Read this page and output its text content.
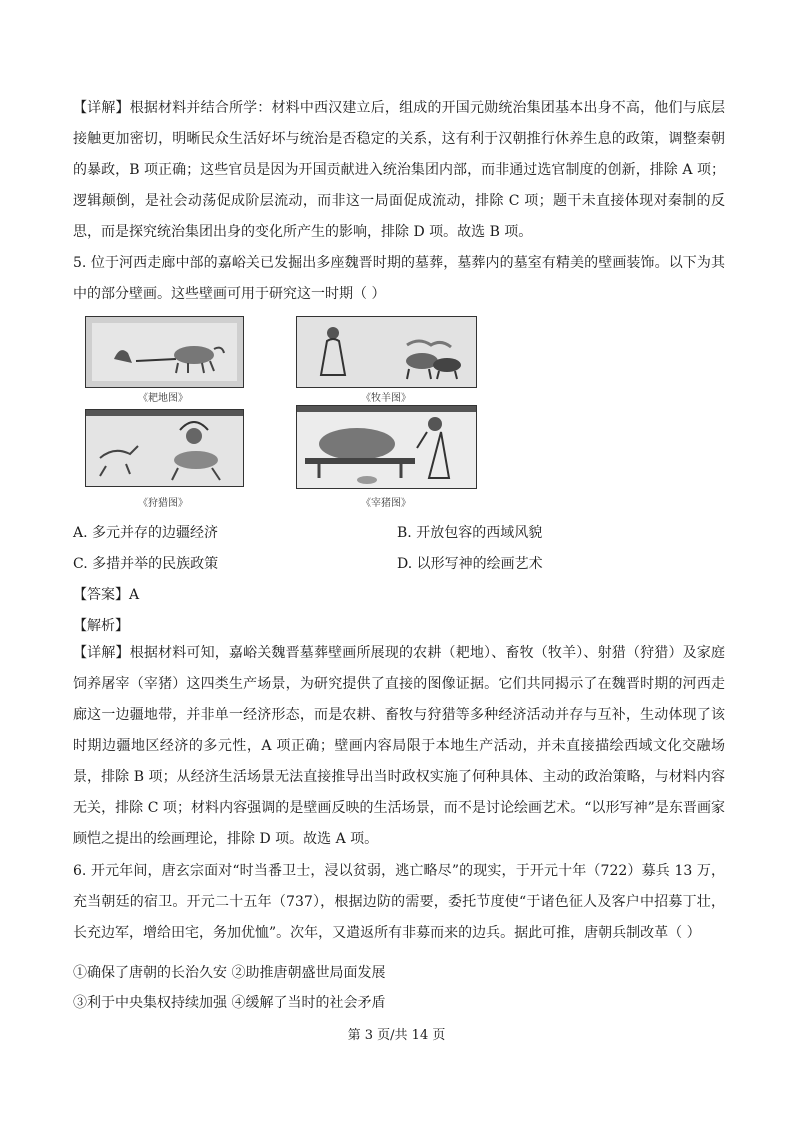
【详解】根据材料并结合所学：材料中西汉建立后，组成的开国元勋统治集团基本出身不高，他们与底层接触更加密切，明晰民众生活好坏与统治是否稳定的关系，这有利于汉朝推行休养生息的政策，调整秦朝的暴政，B 项正确；这些官员是因为开国贡献进入统治集团内部，而非通过选官制度的创新，排除 A 项；逻辑颠倒，是社会动荡促成阶层流动，而非这一局面促成流动，排除 C 项；题干未直接体现对秦制的反思，而是探究统治集团出身的变化所产生的影响，排除 D 项。故选 B 项。

5. 位于河西走廊中部的嘉峪关已发掘出多座魏晋时期的墓葬，墓葬内的墓室有精美的壁画装饰。以下为其中的部分壁画。这些壁画可用于研究这一时期（ ）

《耙地图》	《牧羊图》
《狩猎图》	《宰猪图》

A. 多元并存的边疆经济	B. 开放包容的西域风貌

C. 多措并举的民族政策	D. 以形写神的绘画艺术

【答案】A

【解析】

【详解】根据材料可知，嘉峪关魏晋墓葬壁画所展现的农耕（耙地）、畜牧（牧羊）、射猎（狩猎）及家庭饲养屠宰（宰猪）这四类生产场景，为研究提供了直接的图像证据。它们共同揭示了在魏晋时期的河西走廊这一边疆地带，并非单一经济形态，而是农耕、畜牧与狩猎等多种经济活动并存与互补，生动体现了该时期边疆地区经济的多元性，A 项正确；壁画内容局限于本地生产活动，并未直接描绘西域文化交融场景，排除 B 项；从经济生活场景无法直接推导出当时政权实施了何种具体、主动的政治策略，与材料内容无关，排除 C 项；材料内容强调的是壁画反映的生活场景，而不是讨论绘画艺术。“以形写神”是东晋画家顾恺之提出的绘画理论，排除 D 项。故选 A 项。

6. 开元年间，唐玄宗面对“时当番卫士，浸以贫弱，逃亡略尽”的现实，于开元十年（722）募兵 13 万，充当朝廷的宿卫。开元二十五年（737），根据边防的需要，委托节度使“于诸色征人及客户中招募丁壮，长充边军，增给田宅，务加优恤”。次年，又遣返所有非募而来的边兵。据此可推，唐朝兵制改革（ ）

①确保了唐朝的长治久安 ②助推唐朝盛世局面发展

③利于中央集权持续加强 ④缓解了当时的社会矛盾

第 3 页/共 14 页
